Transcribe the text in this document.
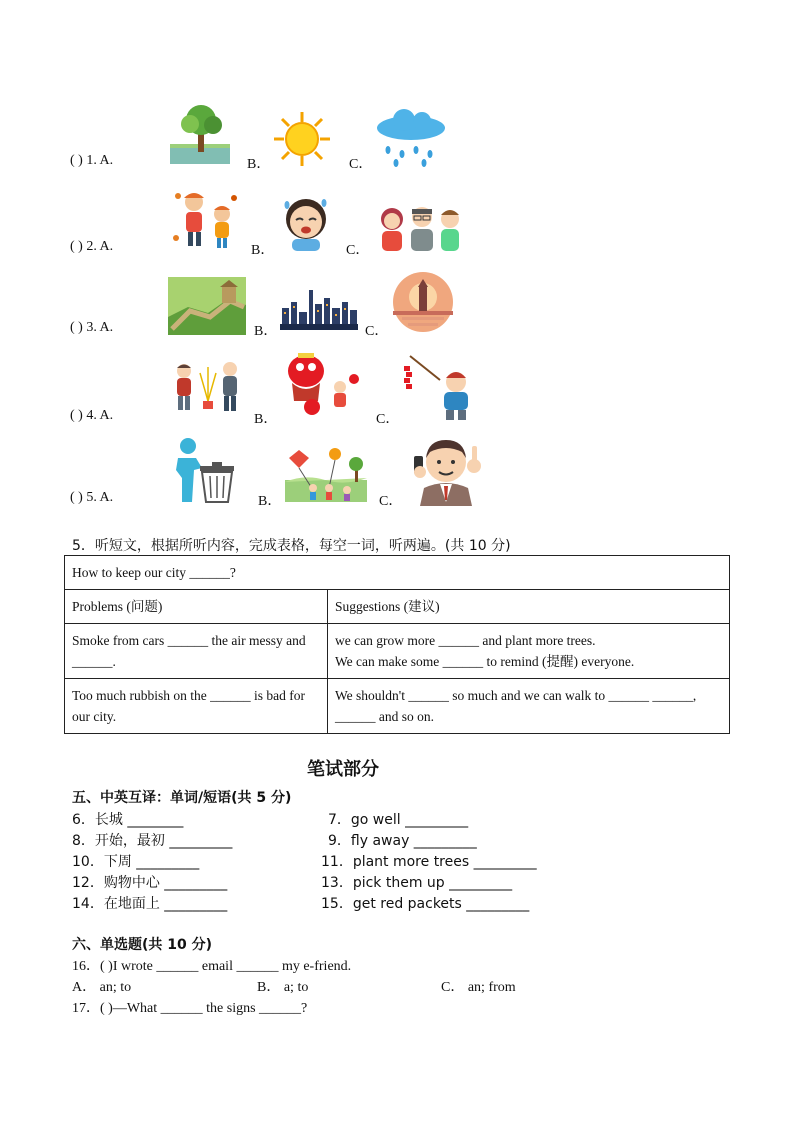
( ) 1. A.	B．	C．
( ) 2. A.	B．	C．
( ) 3. A.	B．	C．
( ) 4. A.	B．	C．
( ) 5. A.	B．	C．
5．听短文，根据所听内容，完成表格，每空一词，听两遍。(共 10 分)
How to keep our city ______?	
Problems (问题)	Suggestions (建议)
Smoke from cars ______ the air messy and ______.	we can grow more ______ and plant more trees.
We can make some ______ to remind (提醒) everyone.

Too much rubbish on the ______ is bad for our city.	We shouldn't ______ so much and we can walk to ______ ______, ______ and so on.
笔试部分
五、中英互译：单词/短语(共 5 分)
6．长城 ________	7．go well _________
8．开始，最初 _________	9．fly away _________
10．下周 _________	11．plant more trees _________
12．购物中心 _________	13．pick them up _________
14．在地面上 _________	15．get red packets _________
六、单选题(共 10 分)
16．( )I wrote ______ email ______ my e-friend.
A． an; to	B． a; to	C． an; from
17．( )—What ______ the signs ______?
